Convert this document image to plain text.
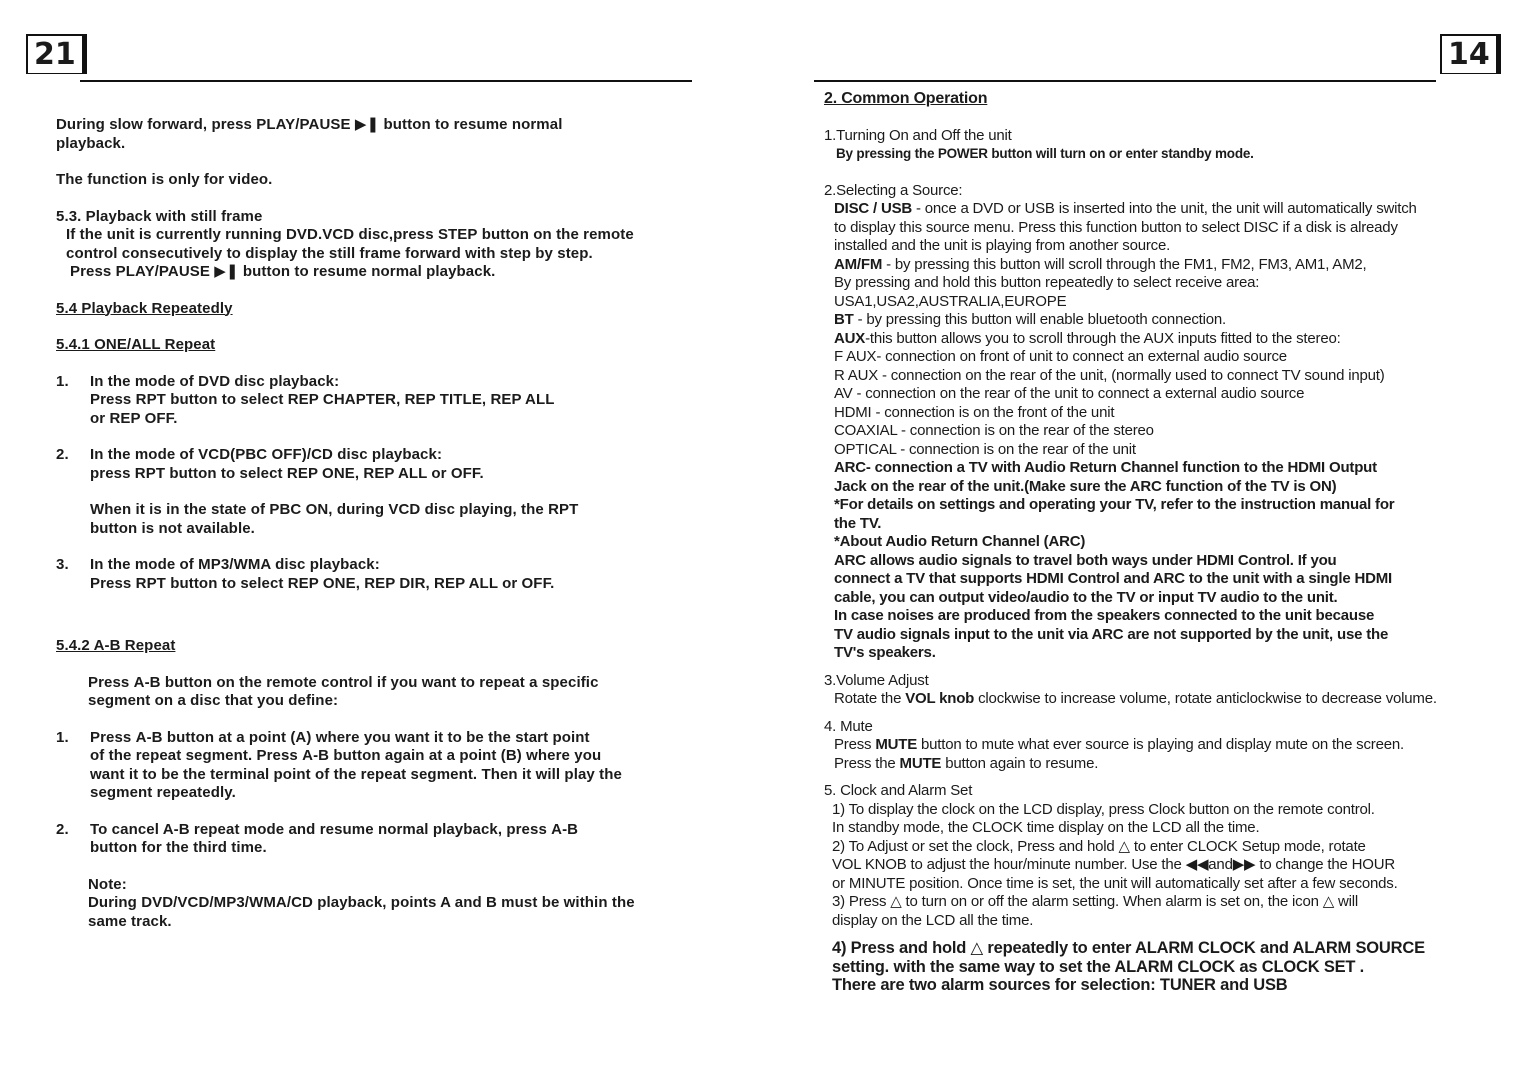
21

During slow forward, press PLAY/PAUSE ▶❚ button to resume normal
playback.

The function is only for video.

5.3. Playback with still frame

If the unit is currently running DVD.VCD disc,press STEP button on the remote
control consecutively to display the still frame forward with step by step.
Press PLAY/PAUSE ▶❚ button to resume normal playback.

5.4 Playback Repeatedly

5.4.1 ONE/ALL Repeat

1.	In the mode of DVD disc playback:
Press RPT button to select REP CHAPTER, REP TITLE, REP ALL
or REP OFF.
2.	In the mode of VCD(PBC OFF)/CD disc playback:
press RPT button to select REP ONE, REP ALL or OFF.

When it is in the state of PBC ON, during VCD disc playing, the RPT
button is not available.
3.	In the mode of MP3/WMA disc playback:
Press RPT button to select REP ONE, REP DIR, REP ALL or OFF.

5.4.2 A-B Repeat

Press A-B button on the remote control if you want to repeat a specific
segment on a disc that you define:

1.	Press A-B button at a point (A) where you want it to be the start point
of the repeat segment. Press A-B button again at a point (B) where you
want it to be the terminal point of the repeat segment. Then it will play the
segment repeatedly.
2.	To cancel A-B repeat mode and resume normal playback, press A-B
button for the third time.

Note:
During DVD/VCD/MP3/WMA/CD playback, points A and B must be within the
same track.

14

2. Common Operation

1.Turning On and Off the unit

By pressing the POWER button will turn on or enter standby mode.

2.Selecting a Source:

DISC / USB - once a DVD or USB is inserted into the unit, the unit will automatically switch
to display this source menu. Press this function button to select DISC if a disk is already
installed and the unit is playing from another source.
AM/FM - by pressing this button will scroll through the FM1, FM2, FM3, AM1, AM2,
By pressing and hold this button repeatedly to select receive area:
USA1,USA2,AUSTRALIA,EUROPE
BT - by pressing this button will enable bluetooth connection.
AUX-this button allows you to scroll through the AUX inputs fitted to the stereo:
F AUX- connection on front of unit to connect an external audio source
R AUX - connection on the rear of the unit, (normally used to connect TV sound input)
AV - connection on the rear of the unit to connect a external audio source
HDMI - connection is on the front of the unit
COAXIAL - connection is on the rear of the stereo
OPTICAL - connection is on the rear of the unit
ARC- connection a TV with Audio Return Channel function to the HDMI Output
Jack on the rear of the unit.(Make sure the ARC function of the TV is ON)
*For details on settings and operating your TV, refer to the instruction manual for
the TV.
*About Audio Return Channel (ARC)
ARC allows audio signals to travel both ways under HDMI Control. If you
connect a TV that supports HDMI Control and ARC to the unit with a single HDMI
cable, you can output video/audio to the TV or input TV audio to the unit.
In case noises are produced from the speakers connected to the unit because
TV audio signals input to the unit via ARC are not supported by the unit, use the
TV's speakers.

3.Volume Adjust

Rotate the VOL knob clockwise to increase volume, rotate anticlockwise to decrease volume.

4. Mute

Press MUTE button to mute what ever source is playing and display mute on the screen.
Press the MUTE button again to resume.

5. Clock and Alarm Set

1) To display the clock on the LCD display, press Clock button on the remote control.
In standby mode, the CLOCK time display on the LCD all the time.
2) To Adjust or set the clock, Press and hold △ to enter CLOCK Setup mode, rotate
VOL KNOB to adjust the hour/minute number. Use the ◀◀and▶▶ to change the HOUR
or MINUTE position. Once time is set, the unit will automatically set after a few seconds.
3) Press △ to turn on or off the alarm setting. When alarm is set on, the icon △ will
display on the LCD all the time.
4) Press and hold △ repeatedly to enter ALARM CLOCK and ALARM SOURCE
setting. with the same way to set the ALARM CLOCK as CLOCK SET .
There are two alarm sources for selection: TUNER and USB
